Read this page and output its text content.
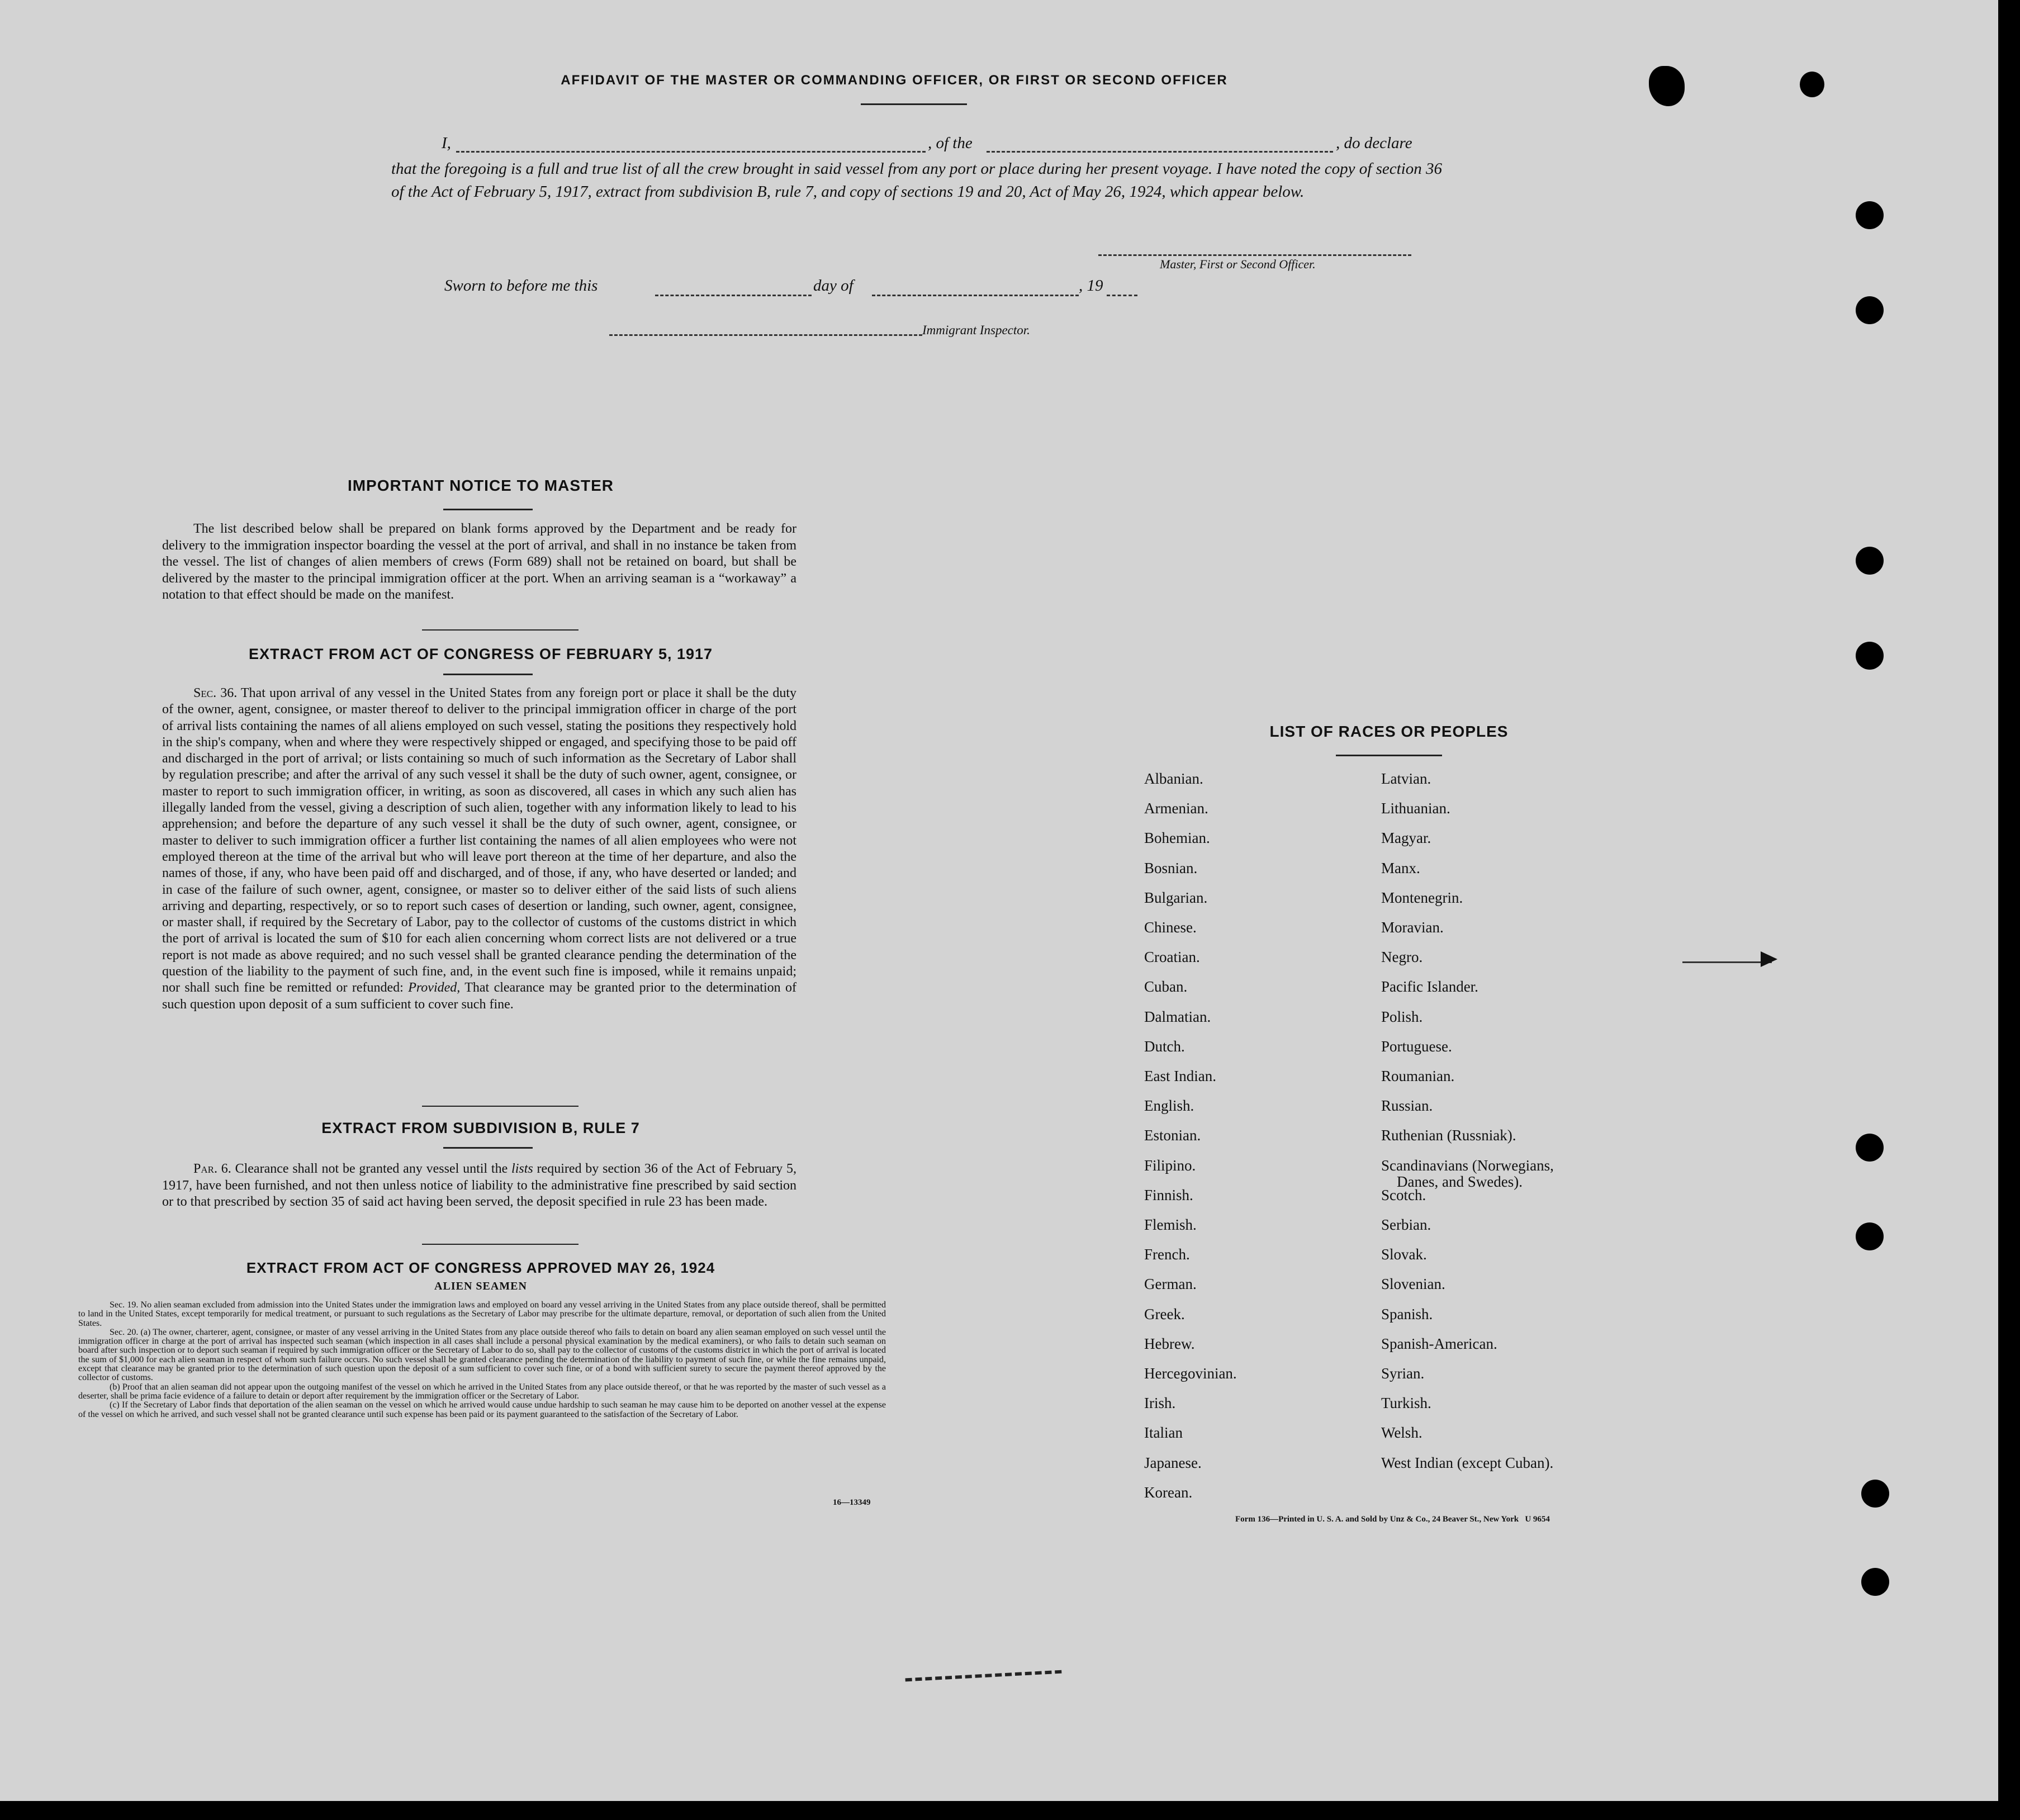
AFFIDAVIT OF THE MASTER OR COMMANDING OFFICER, OR FIRST OR SECOND OFFICER
I,	, of the	, do declare
that the foregoing is a full and true list of all the crew brought in said vessel from any port or place during her present voyage. I have noted the copy of section 36 of the Act of February 5, 1917, extract from subdivision B, rule 7, and copy of sections 19 and 20, Act of May 26, 1924, which appear below.
Master, First or Second Officer.
Sworn to before me this	day of	, 19
Immigrant Inspector.
IMPORTANT NOTICE TO MASTER
The list described below shall be prepared on blank forms approved by the Department and be ready for delivery to the immigration inspector boarding the vessel at the port of arrival, and shall in no instance be taken from the vessel. The list of changes of alien members of crews (Form 689) shall not be retained on board, but shall be delivered by the master to the principal immigration officer at the port. When an arriving seaman is a “workaway” a notation to that effect should be made on the manifest.
EXTRACT FROM ACT OF CONGRESS OF FEBRUARY 5, 1917
Sec. 36. That upon arrival of any vessel in the United States from any foreign port or place it shall be the duty of the owner, agent, consignee, or master thereof to deliver to the principal immigration officer in charge of the port of arrival lists containing the names of all aliens employed on such vessel, stating the positions they respectively hold in the ship's company, when and where they were respectively shipped or engaged, and specifying those to be paid off and discharged in the port of arrival; or lists containing so much of such information as the Secretary of Labor shall by regulation prescribe; and after the arrival of any such vessel it shall be the duty of such owner, agent, consignee, or master to report to such immigration officer, in writing, as soon as discovered, all cases in which any such alien has illegally landed from the vessel, giving a description of such alien, together with any information likely to lead to his apprehension; and before the departure of any such vessel it shall be the duty of such owner, agent, consignee, or master to deliver to such immigration officer a further list containing the names of all alien employees who were not employed thereon at the time of the arrival but who will leave port thereon at the time of her departure, and also the names of those, if any, who have been paid off and discharged, and of those, if any, who have deserted or landed; and in case of the failure of such owner, agent, consignee, or master so to deliver either of the said lists of such aliens arriving and departing, respectively, or so to report such cases of desertion or landing, such owner, agent, consignee, or master shall, if required by the Secretary of Labor, pay to the collector of customs of the customs district in which the port of arrival is located the sum of $10 for each alien concerning whom correct lists are not delivered or a true report is not made as above required; and no such vessel shall be granted clearance pending the determination of the question of the liability to the payment of such fine, and, in the event such fine is imposed, while it remains unpaid; nor shall such fine be remitted or refunded: Provided, That clearance may be granted prior to the determination of such question upon deposit of a sum sufficient to cover such fine.
EXTRACT FROM SUBDIVISION B, RULE 7
Par. 6. Clearance shall not be granted any vessel until the lists required by section 36 of the Act of February 5, 1917, have been furnished, and not then unless notice of liability to the administrative fine prescribed by said section or to that prescribed by section 35 of said act having been served, the deposit specified in rule 23 has been made.
EXTRACT FROM ACT OF CONGRESS APPROVED MAY 26, 1924
ALIEN SEAMEN

Sec. 19. No alien seaman excluded from admission into the United States under the immigration laws and employed on board any vessel arriving in the United States from any place outside thereof, shall be permitted to land in the United States, except temporarily for medical treatment, or pursuant to such regulations as the Secretary of Labor may prescribe for the ultimate departure, removal, or deportation of such alien from the United States.

Sec. 20. (a) The owner, charterer, agent, consignee, or master of any vessel arriving in the United States from any place outside thereof who fails to detain on board any alien seaman employed on such vessel until the immigration officer in charge at the port of arrival has inspected such seaman (which inspection in all cases shall include a personal physical examination by the medical examiners), or who fails to detain such seaman on board after such inspection or to deport such seaman if required by such immigration officer or the Secretary of Labor to do so, shall pay to the collector of customs of the customs district in which the port of arrival is located the sum of $1,000 for each alien seaman in respect of whom such failure occurs. No such vessel shall be granted clearance pending the determination of the liability to payment of such fine, or while the fine remains unpaid, except that clearance may be granted prior to the determination of such question upon the deposit of a sum sufficient to cover such fine, or of a bond with sufficient surety to secure the payment thereof approved by the collector of customs.

(b) Proof that an alien seaman did not appear upon the outgoing manifest of the vessel on which he arrived in the United States from any place outside thereof, or that he was reported by the master of such vessel as a deserter, shall be prima facie evidence of a failure to detain or deport after requirement by the immigration officer or the Secretary of Labor.

(c) If the Secretary of Labor finds that deportation of the alien seaman on the vessel on which he arrived would cause undue hardship to such seaman he may cause him to be deported on another vessel at the expense of the vessel on which he arrived, and such vessel shall not be granted clearance until such expense has been paid or its payment guaranteed to the satisfaction of the Secretary of Labor.

16—13349
LIST OF RACES OR PEOPLES
Albanian.
Armenian.
Bohemian.
Bosnian.
Bulgarian.
Chinese.
Croatian.
Cuban.
Dalmatian.
Dutch.
East Indian.
English.
Estonian.
Filipino.
Finnish.
Flemish.
French.
German.
Greek.
Hebrew.
Hercegovinian.
Irish.
Italian
Japanese.
Korean.
Latvian.
Lithuanian.
Magyar.
Manx.
Montenegrin.
Moravian.
Negro.
Pacific Islander.
Polish.
Portuguese.
Roumanian.
Russian.
Ruthenian (Russniak).
Scandinavians (Norwegians,
Danes, and Swedes).
Scotch.
Serbian.
Slovak.
Slovenian.
Spanish.
Spanish-American.
Syrian.
Turkish.
Welsh.
West Indian (except Cuban).
Form 136—Printed in U. S. A. and Sold by Unz & Co., 24 Beaver St., New York   U 9654
